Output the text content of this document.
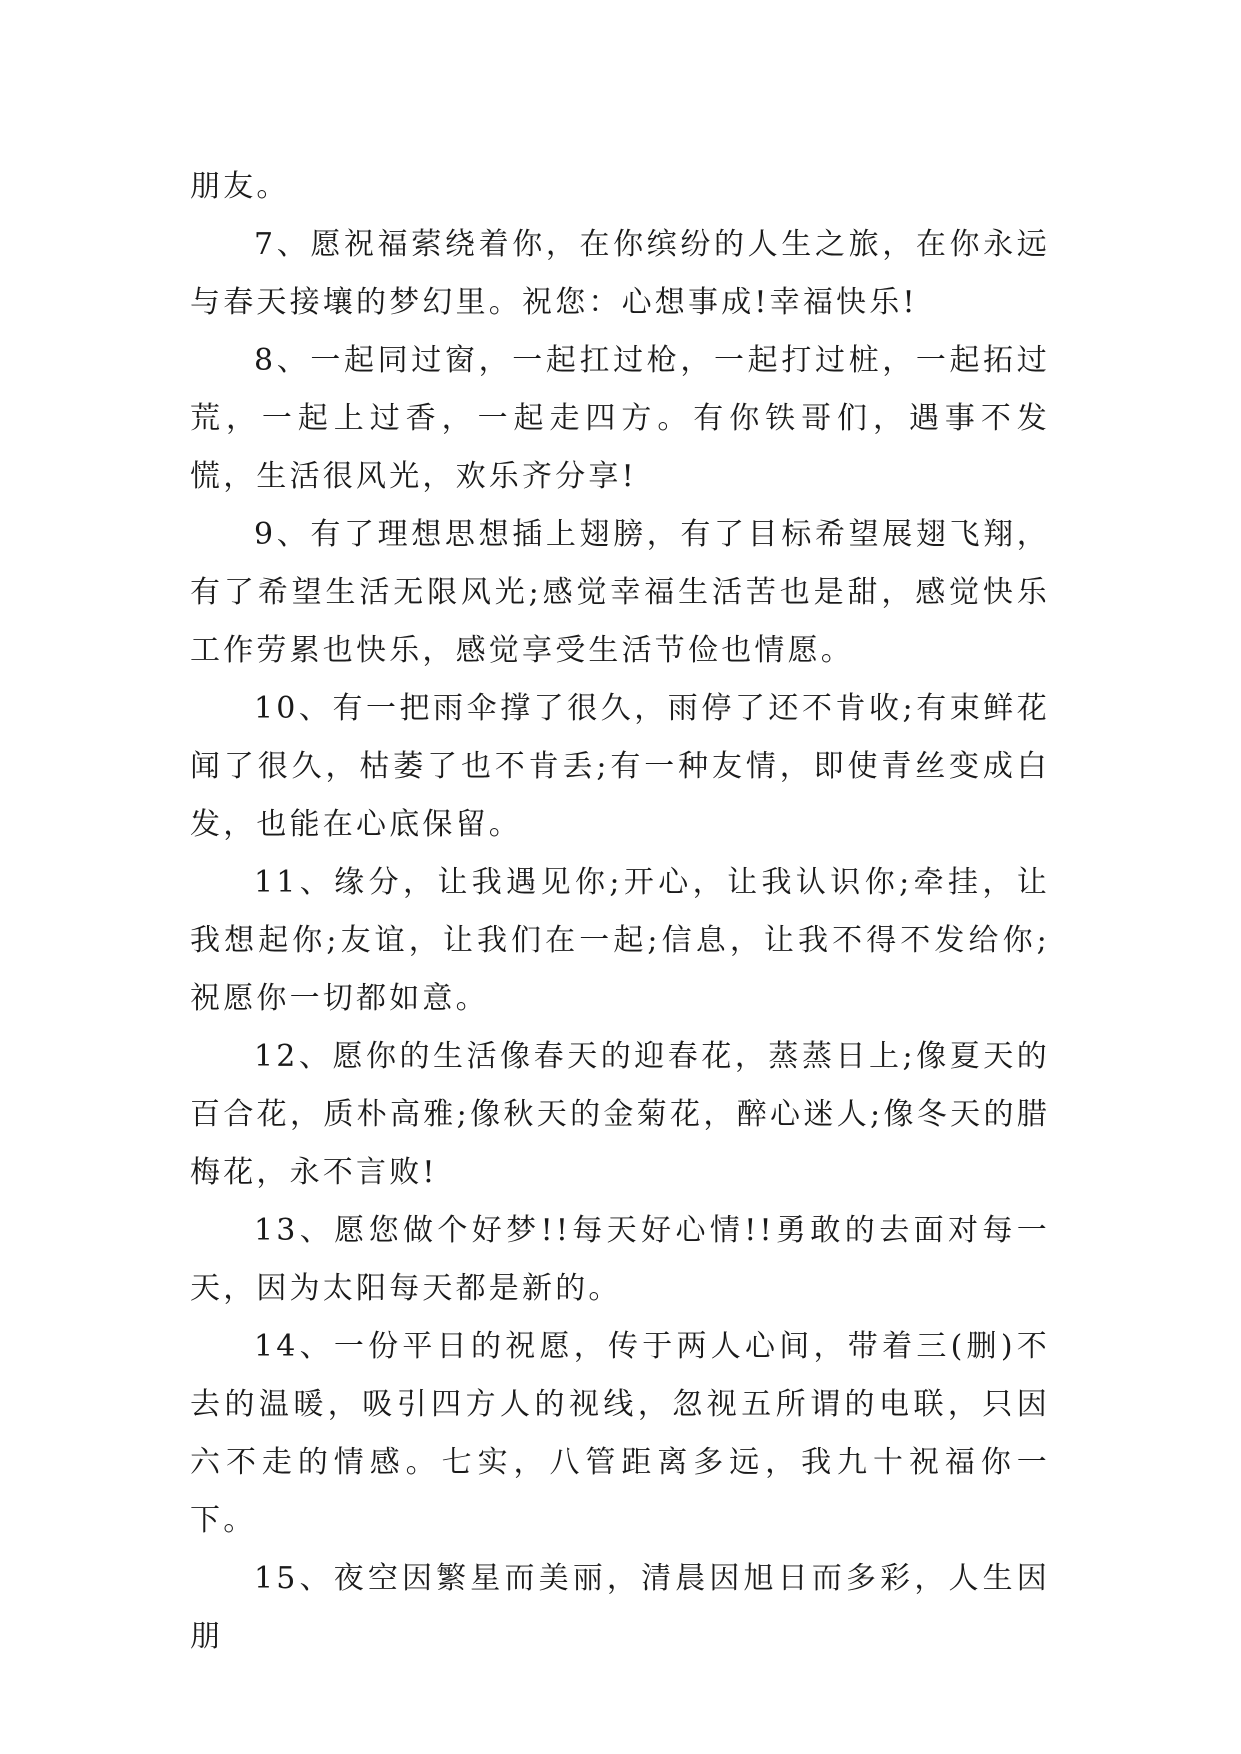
朋友。

7、愿祝福萦绕着你，在你缤纷的人生之旅，在你永远与春天接壤的梦幻里。祝您：心想事成!幸福快乐!

8、一起同过窗，一起扛过枪，一起打过桩，一起拓过荒，一起上过香，一起走四方。有你铁哥们，遇事不发慌，生活很风光，欢乐齐分享!

9、有了理想思想插上翅膀，有了目标希望展翅飞翔，有了希望生活无限风光;感觉幸福生活苦也是甜，感觉快乐工作劳累也快乐，感觉享受生活节俭也情愿。

10、有一把雨伞撑了很久，雨停了还不肯收;有束鲜花闻了很久，枯萎了也不肯丢;有一种友情，即使青丝变成白发，也能在心底保留。

11、缘分，让我遇见你;开心，让我认识你;牵挂，让我想起你;友谊，让我们在一起;信息，让我不得不发给你;祝愿你一切都如意。

12、愿你的生活像春天的迎春花，蒸蒸日上;像夏天的百合花，质朴高雅;像秋天的金菊花，醉心迷人;像冬天的腊梅花，永不言败!

13、愿您做个好梦!!每天好心情!!勇敢的去面对每一天，因为太阳每天都是新的。

14、一份平日的祝愿，传于两人心间，带着三(删)不去的温暖，吸引四方人的视线，忽视五所谓的电联，只因六不走的情感。七实，八管距离多远，我九十祝福你一下。

15、夜空因繁星而美丽，清晨因旭日而多彩，人生因朋
